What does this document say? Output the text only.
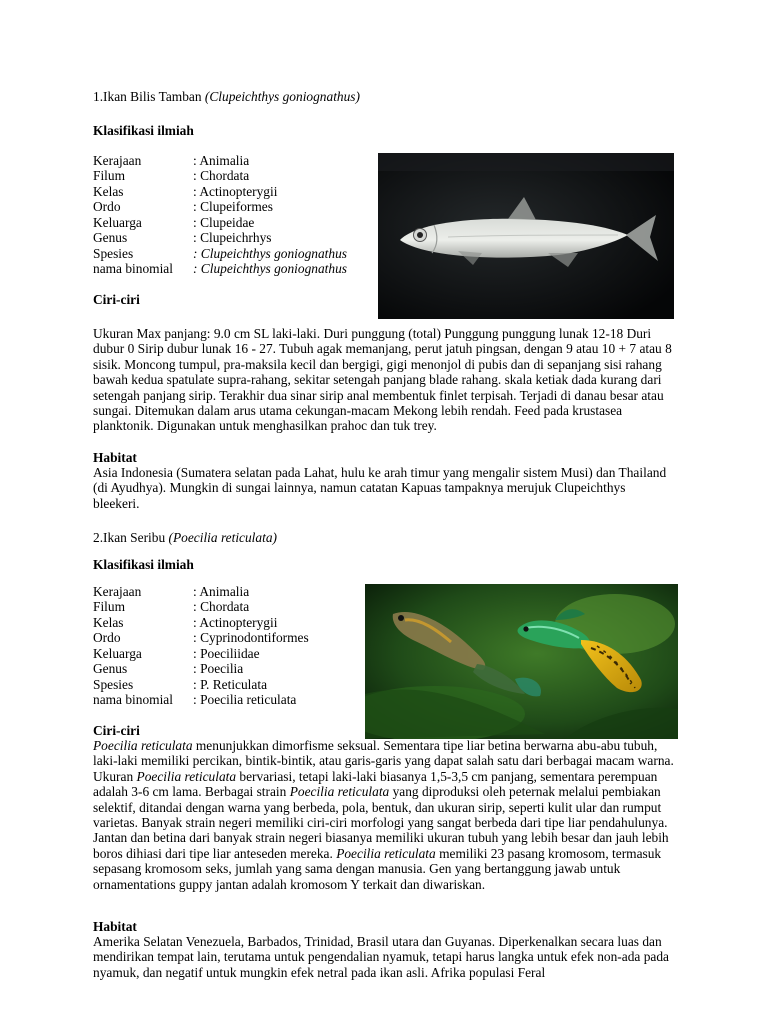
1.Ikan Bilis Tamban (Clupeichthys goniognathus)
Klasifikasi ilmiah
Kerajaan	: Animalia
Filum	: Chordata
Kelas	: Actinopterygii
Ordo	: Clupeiformes
Keluarga	: Clupeidae
Genus	: Clupeichrhys
Spesies	: Clupeichthys goniognathus
nama binomial : Clupeichthys goniognathus
Ciri-ciri
Ukuran Max panjang: 9.0 cm SL laki-laki. Duri punggung (total) Punggung punggung lunak 12-18 Duri dubur 0 Sirip dubur lunak 16 - 27. Tubuh agak memanjang, perut jatuh pingsan, dengan 9 atau 10 + 7 atau 8 sisik. Moncong tumpul, pra-maksila kecil dan bergigi, gigi menonjol di pubis dan di sepanjang sisi rahang bawah kedua spatulate supra-rahang, sekitar setengah panjang blade rahang. skala ketiak dada kurang dari setengah panjang sirip. Terakhir dua sinar sirip anal membentuk finlet terpisah. Terjadi di danau besar atau sungai. Ditemukan dalam arus utama cekungan-macam Mekong lebih rendah. Feed pada krustasea planktonik. Digunakan untuk menghasilkan prahoc dan tuk trey.
Habitat
Asia Indonesia (Sumatera selatan pada Lahat, hulu ke arah timur yang mengalir sistem Musi) dan Thailand (di Ayudhya). Mungkin di sungai lainnya, namun catatan Kapuas tampaknya merujuk Clupeichthys bleekeri.
2.Ikan Seribu (Poecilia reticulata)
Klasifikasi ilmiah
Kerajaan	: Animalia
Filum	: Chordata
Kelas	: Actinopterygii
Ordo	: Cyprinodontiformes
Keluarga	: Poeciliidae
Genus	: Poecilia
Spesies	: P. Reticulata
nama binomial : Poecilia reticulata
Ciri-ciri
Poecilia reticulata menunjukkan dimorfisme seksual. Sementara tipe liar betina berwarna abu-abu tubuh, laki-laki memiliki percikan, bintik-bintik, atau garis-garis yang dapat salah satu dari berbagai macam warna. Ukuran Poecilia reticulata bervariasi, tetapi laki-laki biasanya 1,5-3,5 cm panjang, sementara perempuan adalah 3-6 cm lama. Berbagai strain Poecilia reticulata yang diproduksi oleh peternak melalui pembiakan selektif, ditandai dengan warna yang berbeda, pola, bentuk, dan ukuran sirip, seperti kulit ular dan rumput varietas. Banyak strain negeri memiliki ciri-ciri morfologi yang sangat berbeda dari tipe liar pendahulunya. Jantan dan betina dari banyak strain negeri biasanya memiliki ukuran tubuh yang lebih besar dan jauh lebih boros dihiasi dari tipe liar anteseden mereka. Poecilia reticulata memiliki 23 pasang kromosom, termasuk sepasang kromosom seks, jumlah yang sama dengan manusia. Gen yang bertanggung jawab untuk ornamentations guppy jantan adalah kromosom Y terkait dan diwariskan.
Habitat
Amerika Selatan Venezuela, Barbados, Trinidad, Brasil utara dan Guyanas. Diperkenalkan secara luas dan mendirikan tempat lain, terutama untuk pengendalian nyamuk, tetapi harus langka untuk efek non-ada pada nyamuk, dan negatif untuk mungkin efek netral pada ikan asli. Afrika populasi Feral
